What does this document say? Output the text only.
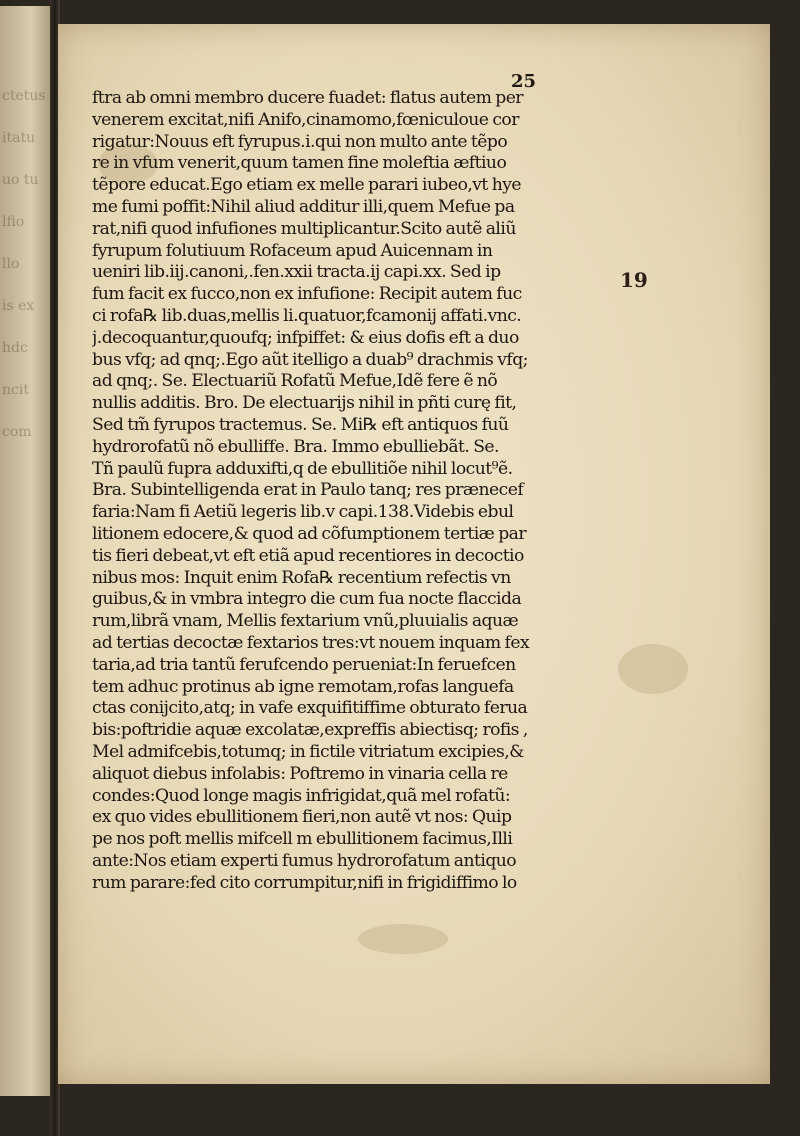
ctetus

itatu

uo tu

lfio

llo

is ex

hdc

ncit

com
25
19
ftra ab omni membro ducere fuadet: flatus autem per
venerem excitat,nifi Anifo,cinamomo,fœniculoue cor
rigatur:Nouus eft fyrupus.i.qui non multo ante tẽpo
re in vfum venerit,quum tamen fine moleftia æftiuo
tẽpore educat.Ego etiam ex melle parari iubeo,vt hye
me fumi poffit:Nihil aliud additur illi,quem Mefue pa
rat,nifi quod infufiones multiplicantur.Scito autẽ aliũ
fyrupum folutiuum Rofaceum apud Auicennam in
ueniri lib.iij.canoni,.fen.xxii tracta.ij capi.xx. Sed ip
fum facit ex fucco,non ex infufione: Recipit autem fuc
ci rofa℞ lib.duas,mellis li.quatuor,fcamonij affati.vnc.
j.decoquantur,quoufq; infpiffet: & eius dofis eft a duo
bus vfq; ad qnq;.Ego aũt itelligo a duab⁹ drachmis vfq;
ad qnq;. Se. Electuariũ Rofatũ Mefue,Idẽ fere ẽ nõ
nullis additis. Bro. De electuarijs nihil in pñti curę fit,
Sed tm̃ fyrupos tractemus. Se. Mi℞ eft antiquos fuũ
hydrorofatũ nõ ebulliffe. Bra. Immo ebulliebãt. Se.
Tñ paulũ fupra adduxifti,q de ebullitiõe nihil locut⁹ẽ.
Bra. Subintelligenda erat in Paulo tanq; res prænecef
faria:Nam fi Aetiũ legeris lib.v capi.138.Videbis ebul
litionem edocere,& quod ad cõfumptionem tertiæ par
tis fieri debeat,vt eft etiã apud recentiores in decoctio
nibus mos: Inquit enim Rofa℞ recentium refectis vn
guibus,& in vmbra integro die cum fua nocte flaccida
rum,librã vnam, Mellis fextarium vnũ,pluuialis aquæ
ad tertias decoctæ fextarios tres:vt nouem inquam fex
taria,ad tria tantũ ferufcendo perueniat:In feruefcen
tem adhuc protinus ab igne remotam,rofas languefa
ctas conijcito,atq; in vafe exquifitiffime obturato ferua
bis:poftridie aquæ excolatæ,expreffis abiectisq; rofis ,
Mel admifcebis,totumq; in fictile vitriatum excipies,&
aliquot diebus infolabis: Poftremo in vinaria cella re
condes:Quod longe magis infrigidat,quã mel rofatũ:
ex quo vides ebullitionem fieri,non autẽ vt nos: Quip
pe nos poft mellis mifcell m ebullitionem facimus,Illi
ante:Nos etiam experti fumus hydrorofatum antiquo
rum parare:fed cito corrumpitur,nifi in frigidiffimo lo
